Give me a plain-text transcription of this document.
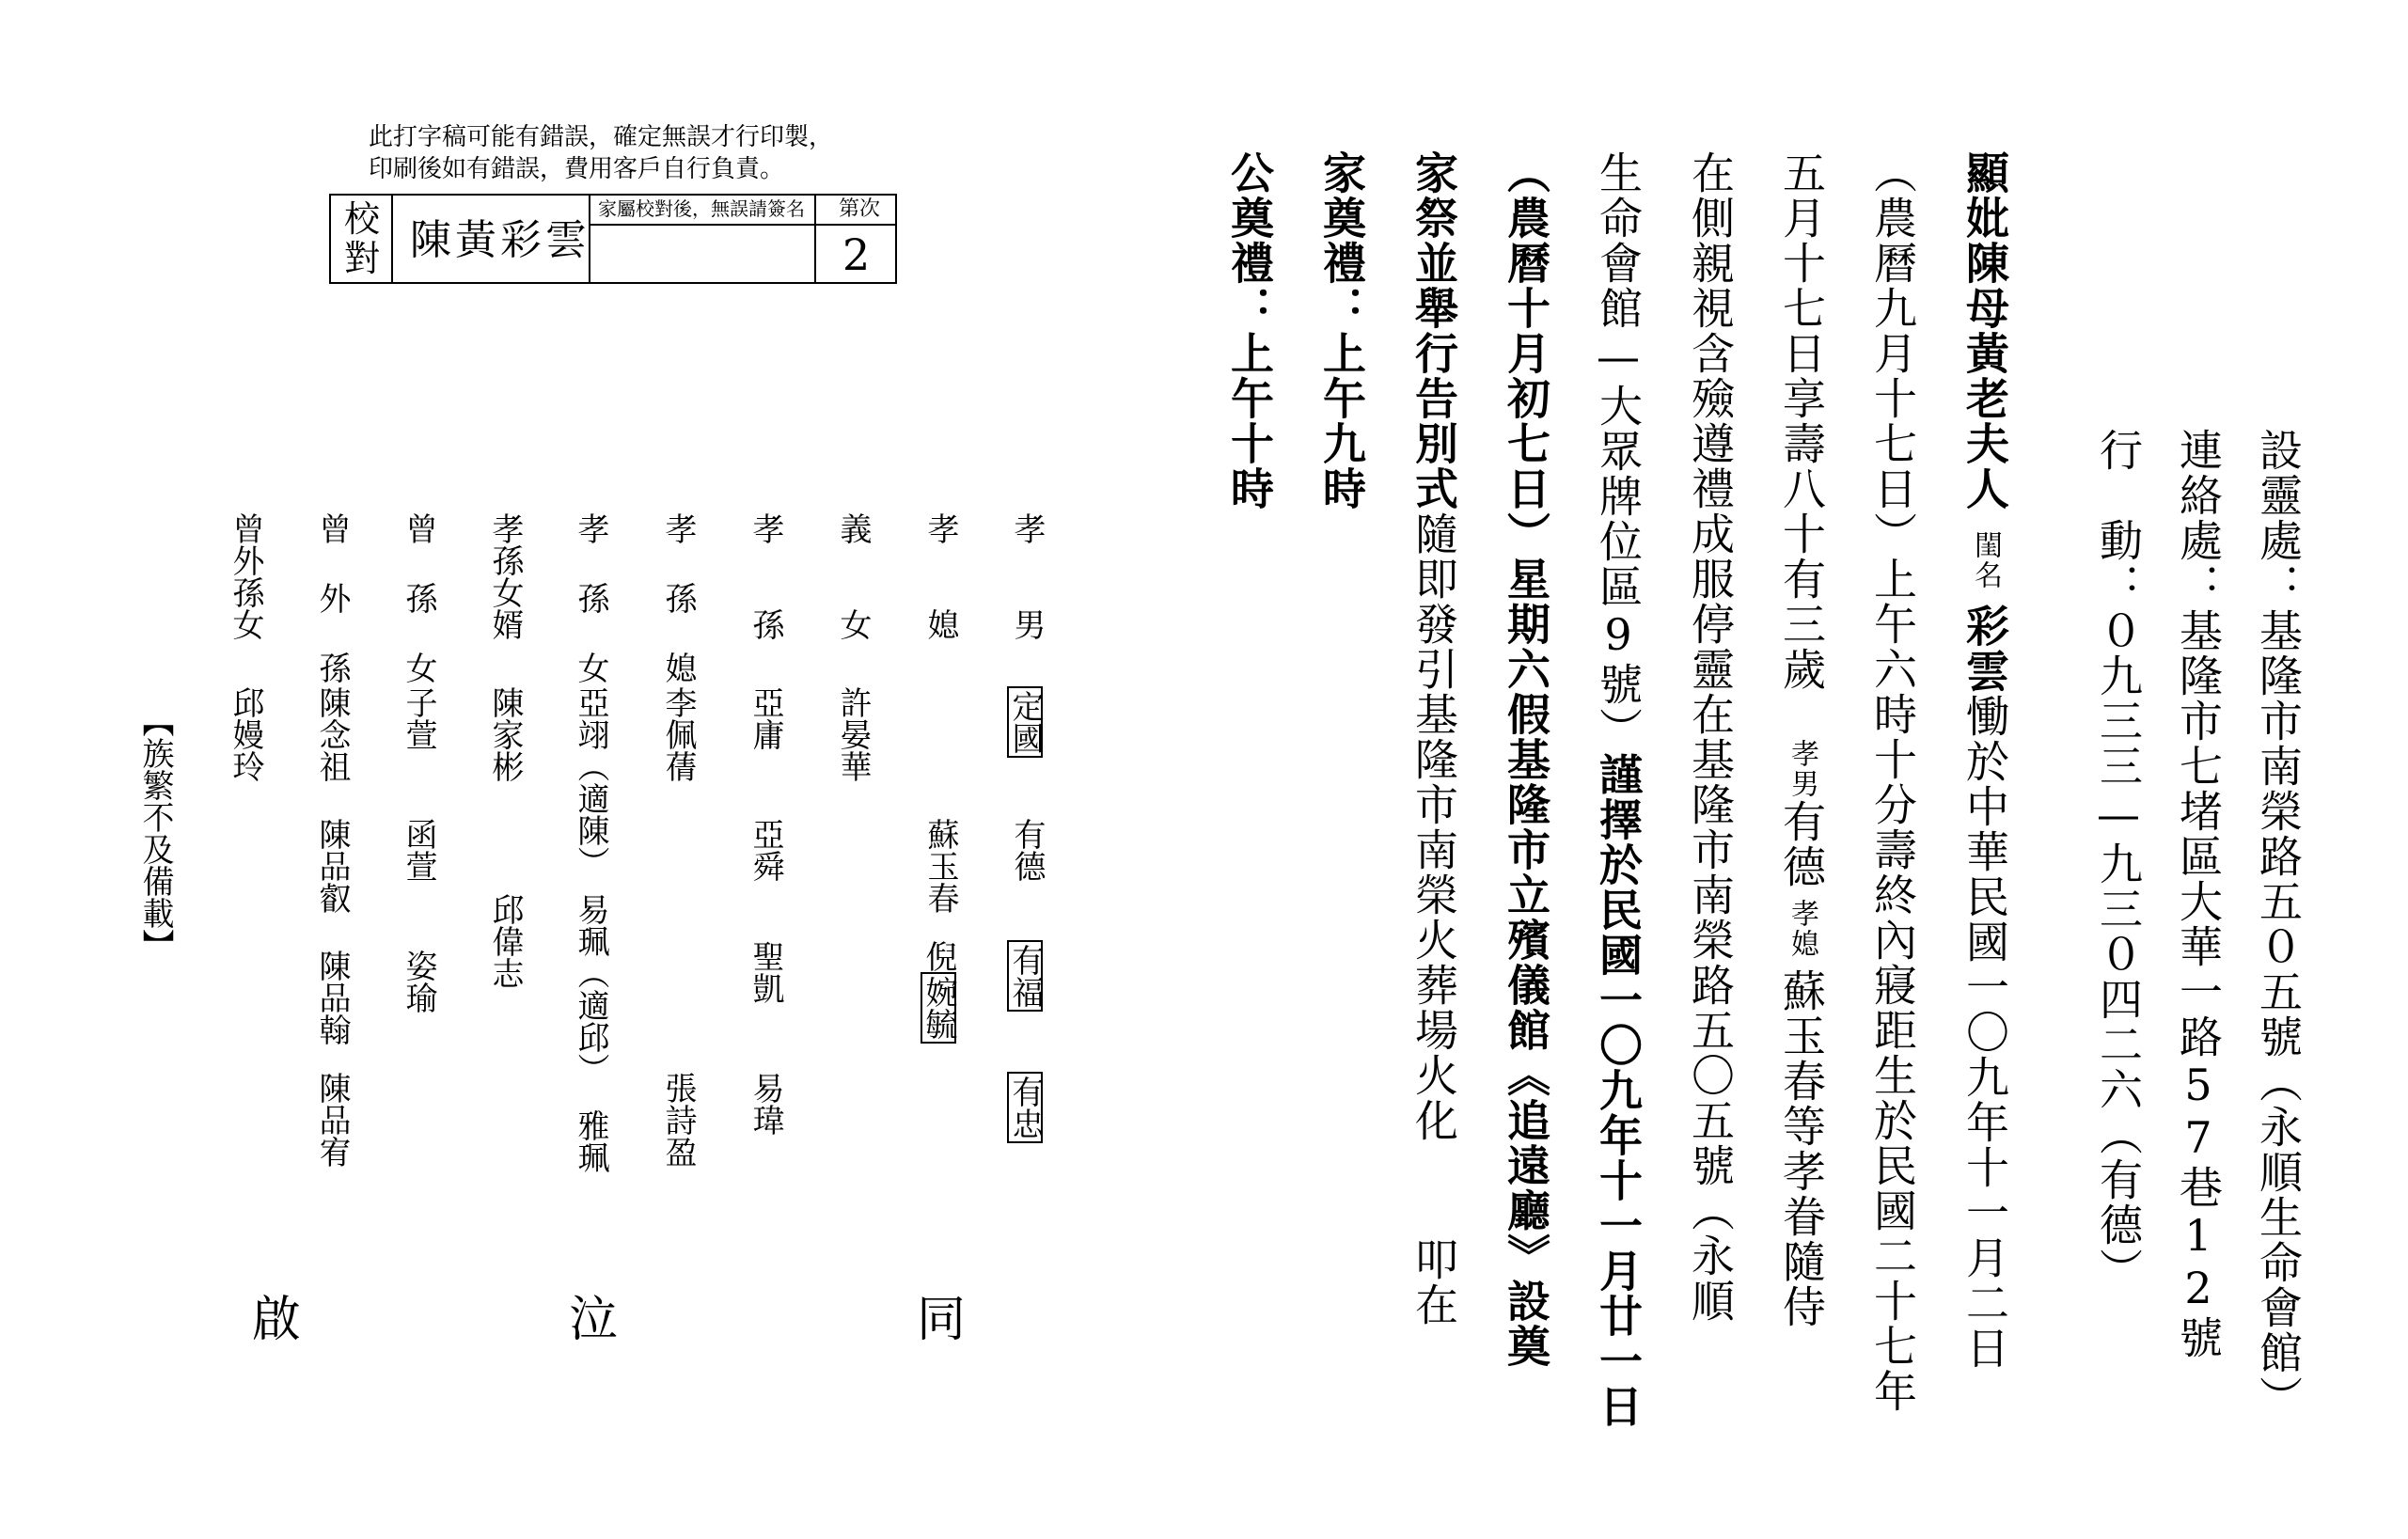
此打字稿可能有錯誤，確定無誤才行印製，
印刷後如有錯誤，費用客戶自行負責。
校
對 陳黃彩雲
家屬校對後，無誤請簽名 第次
2
設靈處：基隆市南榮路五０五號（永順生命會館）
連絡處：基隆市七堵區大華一路57巷12號
行　動：０九三三—九三０四二六（有德）
顯妣陳母黃老夫人閨名彩雲慟於中華民國一〇九年十一月二日
（農曆九月十七日）上午六時十分壽終內寢距生於民國二十七年
五月十七日享壽八十有三歲孝男有德孝媳蘇玉春等孝眷隨侍
在側親視含殮遵禮成服停靈在基隆市南榮路五〇五號（永順
生命會館—大眾牌位區9號）謹擇於民國一〇九年十一月廿一日
（農曆十月初七日）星期六假基隆市立殯儀館《追遠廳》設奠
家祭並舉行告別式隨即發引基隆市南榮火葬場火化叩在
家奠禮：上午九時
公奠禮：上午十時
孝　　男
定國
有德
有福
有忠
孝　　媳
蘇玉春
倪婉毓
義　　女
許晏華
孝　　孫
亞庸
亞舜
聖凱
易瑋
孝 孫 媳
李佩蒨
張詩盈
孝 孫 女
亞翊（適陳）
易珮（適邱）
雅珮
孝孫女婿
陳家彬
邱偉志
曾 孫 女
子萱
函萱
姿瑜
曾 外 孫
陳念祖
陳品叡
陳品翰
陳品宥
曾外孫女
邱嫚玲
【族繁不及備載】
同
泣
啟
